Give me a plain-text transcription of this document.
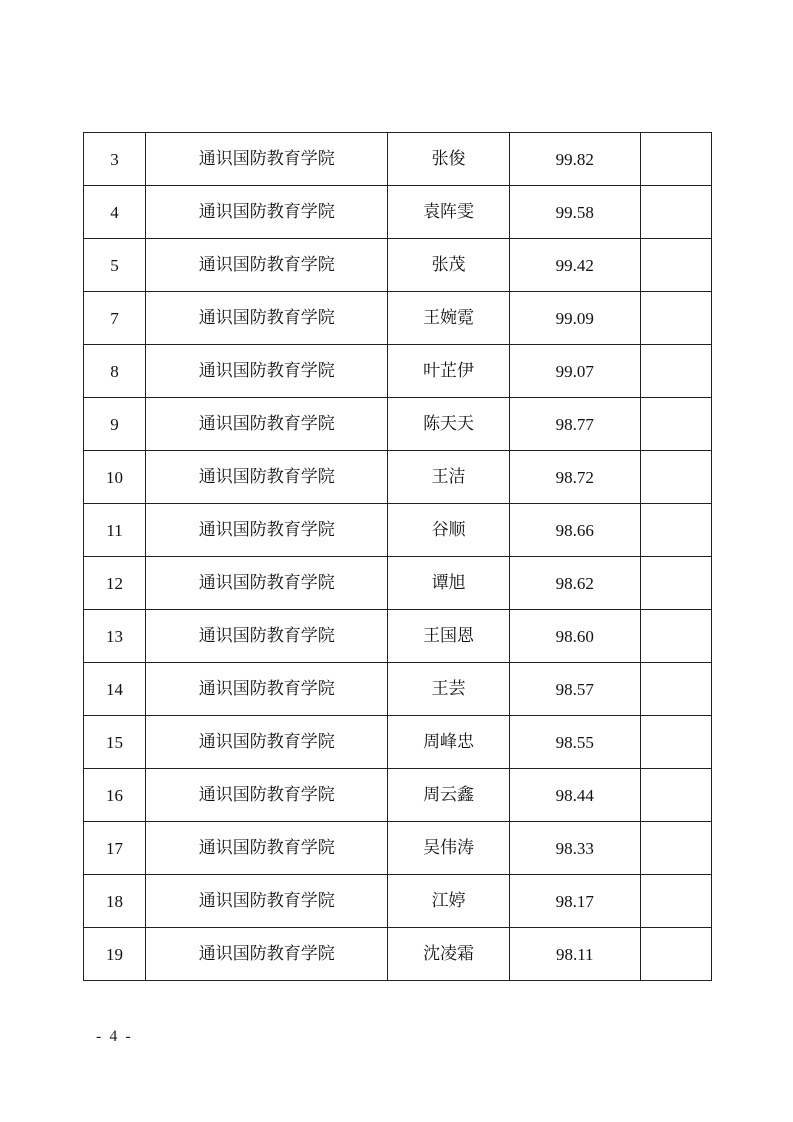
3	通识国防教育学院	张俊	99.82	
4	通识国防教育学院	袁阵雯	99.58	
5	通识国防教育学院	张茂	99.42	
7	通识国防教育学院	王婉霓	99.09	
8	通识国防教育学院	叶芷伊	99.07	
9	通识国防教育学院	陈天天	98.77	
10	通识国防教育学院	王洁	98.72	
11	通识国防教育学院	谷顺	98.66	
12	通识国防教育学院	谭旭	98.62	
13	通识国防教育学院	王国恩	98.60	
14	通识国防教育学院	王芸	98.57	
15	通识国防教育学院	周峰忠	98.55	
16	通识国防教育学院	周云鑫	98.44	
17	通识国防教育学院	吴伟涛	98.33	
18	通识国防教育学院	江婷	98.17	
19	通识国防教育学院	沈凌霜	98.11	
- 4 -
